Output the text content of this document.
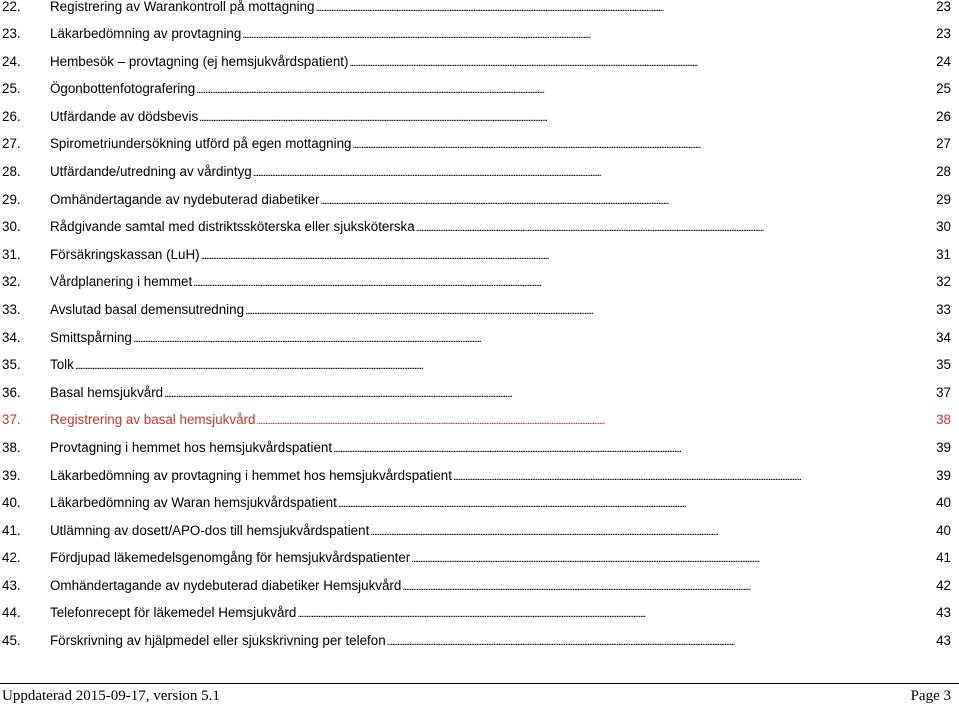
22.	Registrering av Warankontroll på mottagning . . .	23
23.	Läkarbedömning av provtagning . . .	23
24.	Hembesök – provtagning (ej hemsjukvårdspatient) . . .	24
25.	Ögonbottenfotografering . . .	25
26.	Utfärdande av dödsbevis . . .	26
27.	Spirometriundersökning utförd på egen mottagning . . .	27
28.	Utfärdande/utredning av vårdintyg . . .	28
29.	Omhändertagande av nydebuterad diabetiker . . .	29
30.	Rådgivande samtal med distriktssköterska eller sjuksköterska . . .	30
31.	Försäkringskassan (LuH) . . .	31
32.	Vårdplanering i hemmet . . .	32
33.	Avslutad basal demensutredning . . .	33
34.	Smittspårning . . .	34
35.	Tolk . . .	35
36.	Basal hemsjukvård . . .	37
37.	Registrering av basal hemsjukvård . . .	38
38.	Provtagning i hemmet hos hemsjukvårdspatient . . .	39
39.	Läkarbedömning av provtagning i hemmet hos hemsjukvårdspatient . . .	39
40.	Läkarbedömning av Waran hemsjukvårdspatient . . .	40
41.	Utlämning av dosett/APO-dos till hemsjukvårdspatient . . .	40
42.	Fördjupad läkemedelsgenomgång för hemsjukvårdspatienter . . .	41
43.	Omhändertagande av nydebuterad diabetiker Hemsjukvård . . .	42
44.	Telefonrecept för läkemedel Hemsjukvård . . .	43
45.	Förskrivning av hjälpmedel eller sjukskrivning per telefon . . .	43
Uppdaterad 2015-09-17, version 5.1	Page 3
